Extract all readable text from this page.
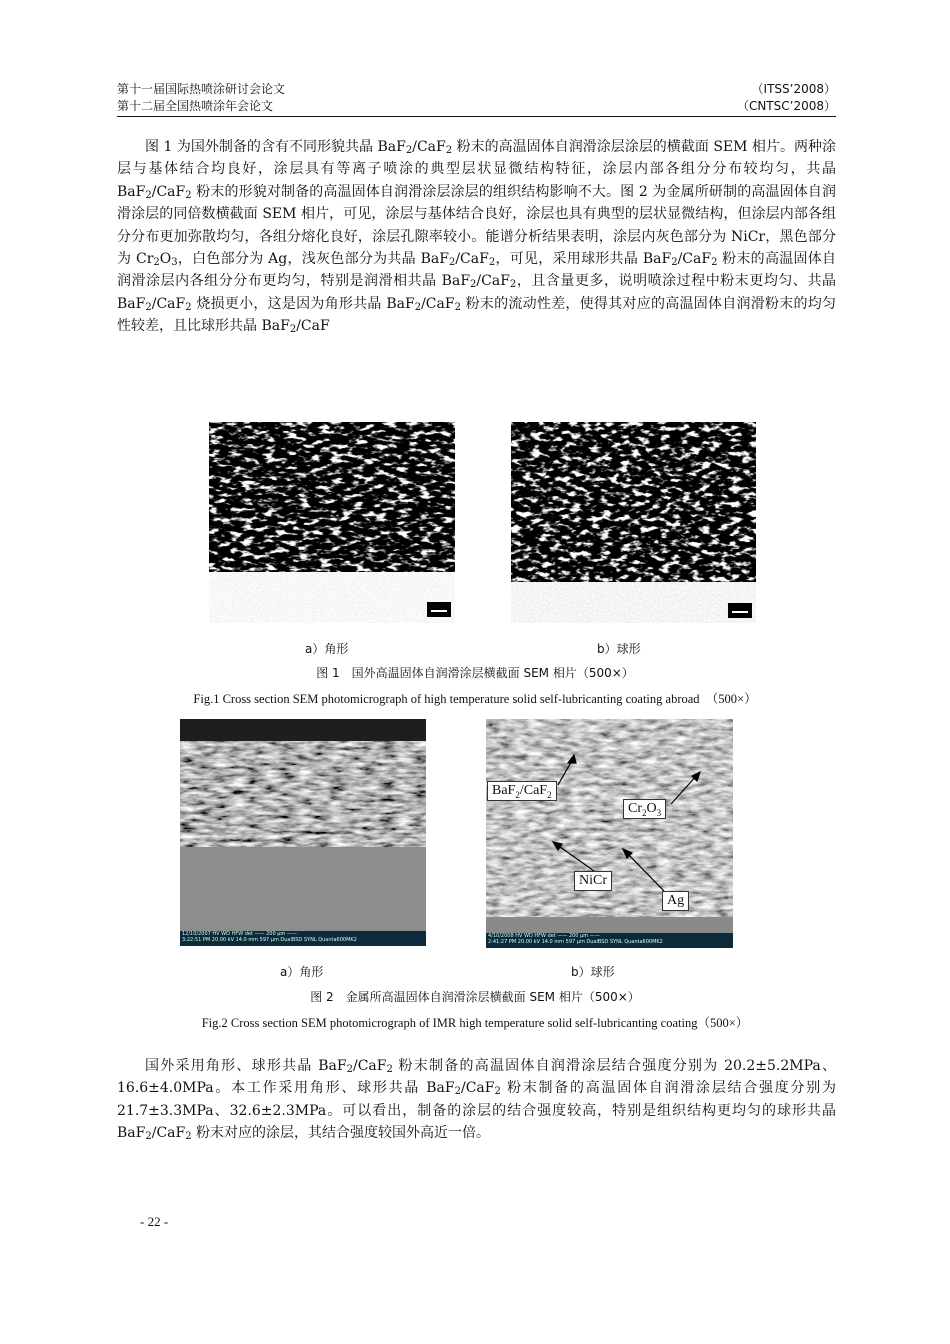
第十一届国际热喷涂研讨会论文	（ITSS’2008）
第十二届全国热喷涂年会论文	（CNTSC’2008）

图 1 为国外制备的含有不同形貌共晶 BaF$_2$/CaF$_2$ 粉末的高温固体自润滑涂层涂层的横截面 SEM 相片。两种涂层与基体结合均良好，涂层具有等离子喷涂的典型层状显微结构特征，涂层内部各组分分布较均匀，共晶 BaF$_2$/CaF$_2$ 粉末的形貌对制备的高温固体自润滑涂层涂层的组织结构影响不大。图 2 为金属所研制的高温固体自润滑涂层的同倍数横截面 SEM 相片，可见，涂层与基体结合良好，涂层也具有典型的层状显微结构，但涂层内部各组分分布更加弥散均匀，各组分熔化良好，涂层孔隙率较小。能谱分析结果表明，涂层内灰色部分为 NiCr，黑色部分为 $Cr_2O_3$，白色部分为 Ag，浅灰色部分为共晶 BaF$_2$/CaF$_2$，可见，采用球形共晶 BaF$_2$/CaF$_2$ 粉末的高温固体自润滑涂层内各组分分布更均匀，特别是润滑相共晶 BaF$_2$/CaF$_2$，且含量更多，说明喷涂过程中粉末更均匀、共晶 BaF$_2$/CaF$_2$ 烧损更小，这是因为角形共晶 BaF$_2$/CaF$_2$ 粉末的流动性差，使得其对应的高温固体自润滑粉末的均匀性较差，且比球形共晶 BaF$_2$/CaF

a）角形	b）球形
图 1　国外高温固体自润滑涂层横截面 SEM 相片（500×）
Fig.1 Cross section SEM photomicrograph of high temperature solid self-lubricanting coating abroad　（500×）
12/10/2007 HV WD HFW det —— 200 μm ——
3:22:51 PM 20.00 kV 14.0 mm 597 μm DualBSD SYNL Quanta600MK2
BaF$_2$/CaF$_2$
$Cr_2O_3$
NiCr
Ag
4/10/2008 HV WD HFW det —— 200 μm ——
2:41:27 PM 20.00 kV 14.0 mm 597 μm DualBSD SYNL Quanta600MK2
a）角形	b）球形
图 2　金属所高温固体自润滑涂层横截面 SEM 相片（500×）
Fig.2 Cross section SEM photomicrograph of IMR high temperature solid self-lubricanting coating（500×）

国外采用角形、球形共晶 BaF$_2$/CaF$_2$ 粉末制备的高温固体自润滑涂层结合强度分别为 20.2±5.2MPa、16.6±4.0MPa。本工作采用角形、球形共晶 BaF$_2$/CaF$_2$ 粉末制备的高温固体自润滑涂层结合强度分别为 21.7±3.3MPa、32.6±2.3MPa。可以看出，制备的涂层的结合强度较高，特别是组织结构更均匀的球形共晶 BaF$_2$/CaF$_2$ 粉末对应的涂层，其结合强度较国外高近一倍。

- 22 -
